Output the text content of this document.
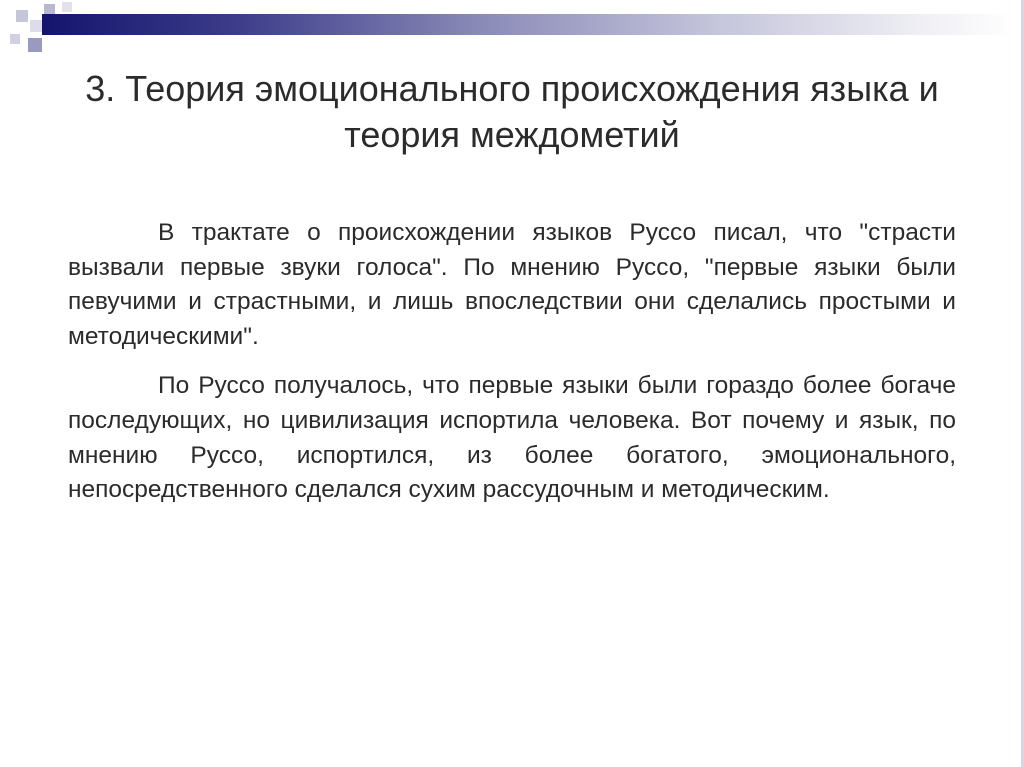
3. Теория эмоционального происхождения языка и теория междометий

В трактате о происхождении языков Руссо писал, что "страсти вызвали первые звуки голоса". По мнению Руссо, "первые языки были певучими и страстными, и лишь впоследствии они сделались простыми и методическими".

По Руссо получалось, что первые языки были гораздо более богаче последующих, но цивилизация испортила человека. Вот почему и язык, по мнению Руссо, испортился, из более богатого, эмоционального, непосредственного сделался сухим рассудочным и методическим.
